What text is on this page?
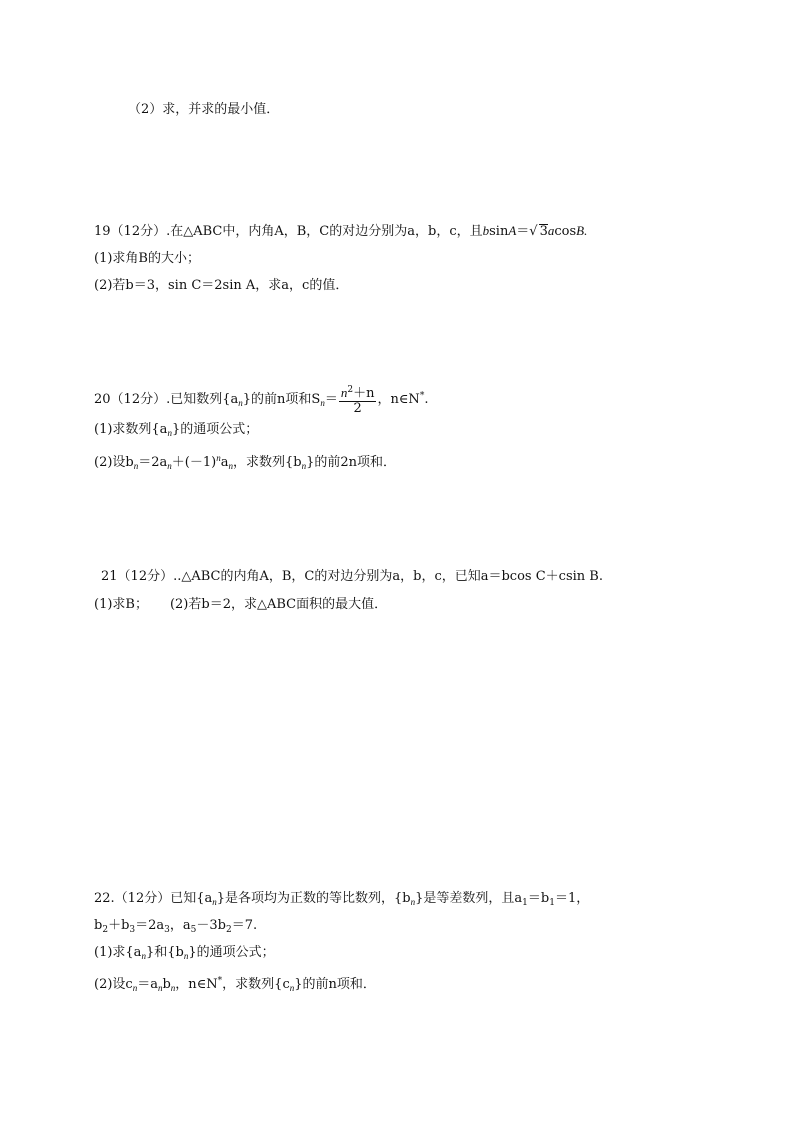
（2）求，并求的最小值．
19（12分）.在△ABC中，内角A，B，C的对边分别为a，b，c，且bsinA＝√ 3acosB.
(1)求角B的大小；
(2)若b＝3，sin C＝2sin A，求a，c的值．
20（12分）.已知数列$\{a_n\}$的前n项和$S_n= \frac{n^2+n}{2}$ ，n∈N*.
(1)求数列$\{a_n\}$的通项公式；
(2)设$b_n=2a_n+(-1)^na_n$，求数列$\{b_n\}$的前2n项和．
21（12分）..△ABC的内角A，B，C的对边分别为a，b，c，已知a＝bcos C＋csin B.
(1)求B； (2)若b＝2，求△ABC面积的最大值．
22.（12分）已知$\{a_n\}$是各项均为正数的等比数列，$\{b_n\}$是等差数列，且$a_1=b_1=1$，
$b_2+b_3=2a_3$，$a_5-3b_2=7$.
(1)求$\{a_n\}$和$\{b_n\}$的通项公式；
(2)设$c_n=a_nb_n$，n∈N*，求数列$\{c_n\}$的前n项和．
